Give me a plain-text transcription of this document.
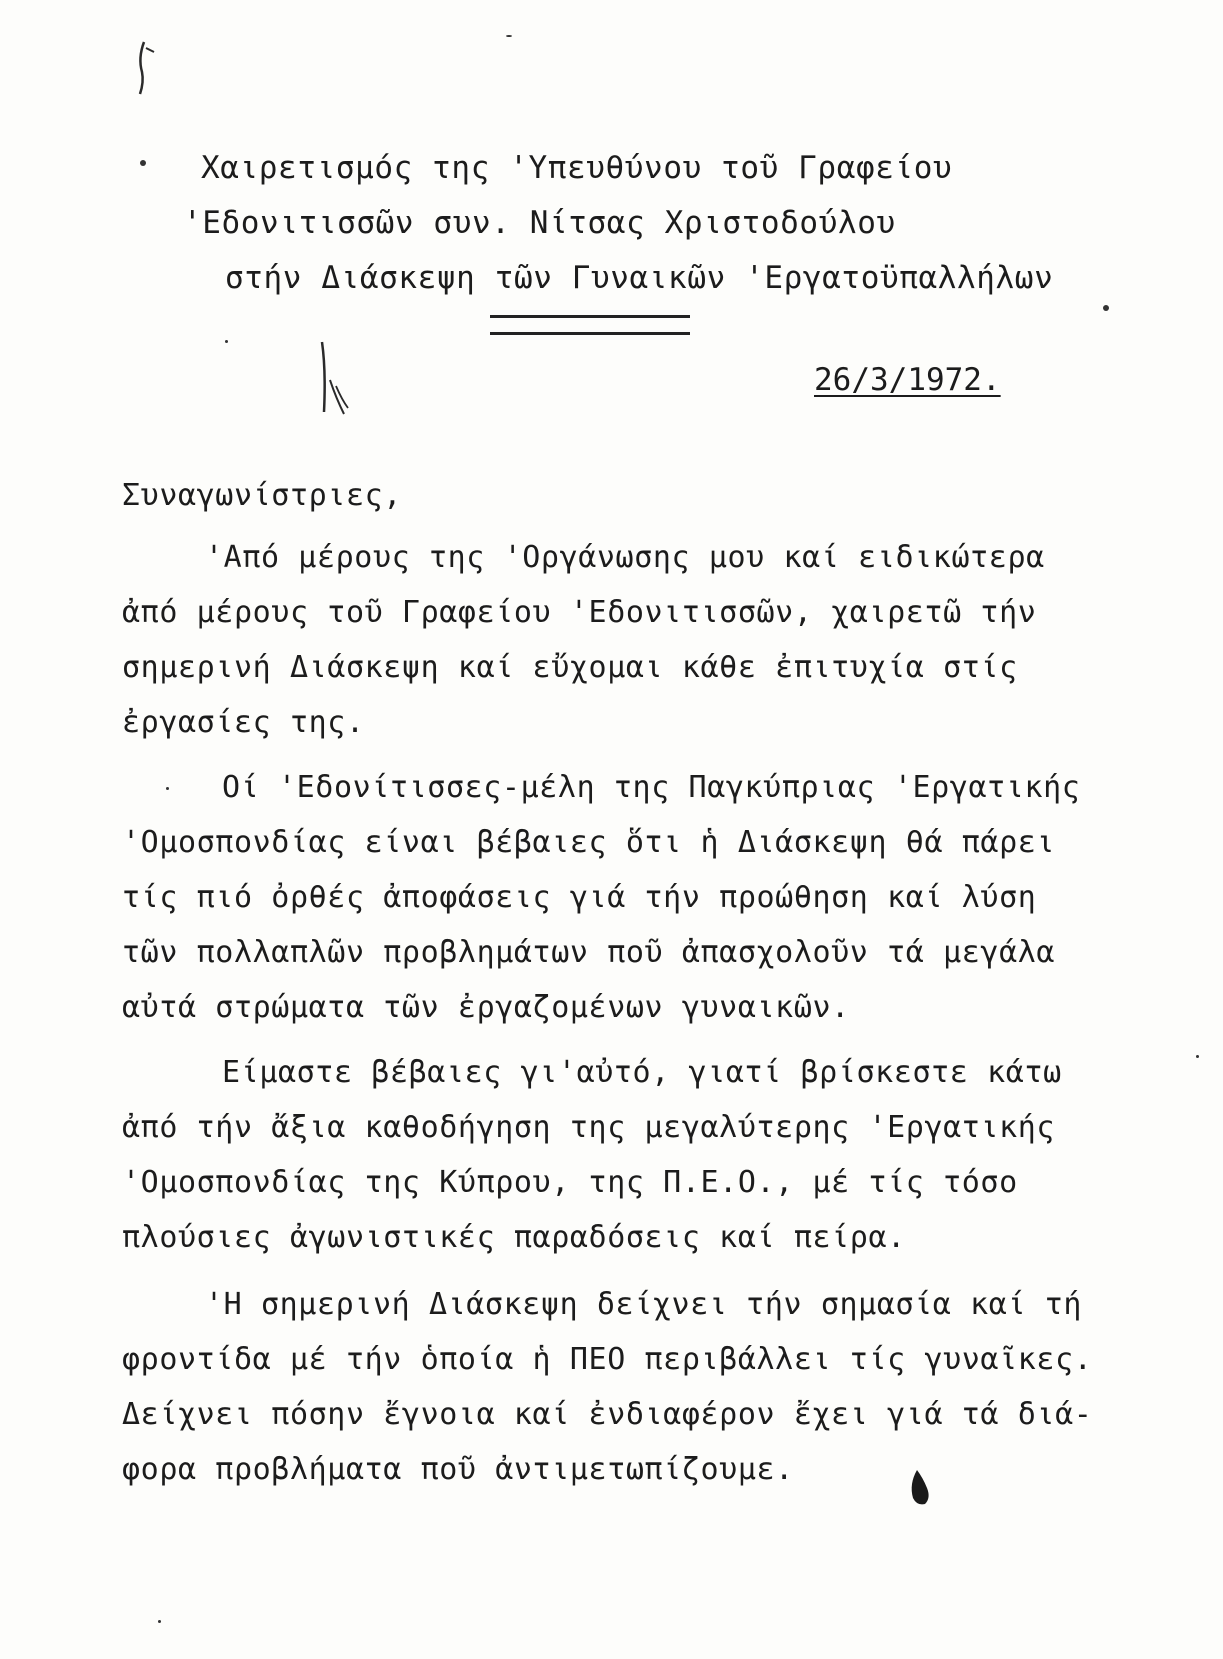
Χαιρετισμός της 'Υπευθύνου τοῦ Γραφείου
'Εδονιτισσῶν συν. Νίτσας Χριστοδούλου
στήν Διάσκεψη τῶν Γυναικῶν 'Εργατοϋπαλλήλων
26/3/1972.
Συναγωνίστριες,
'Από μέρους της 'Οργάνωσης μου καί ειδικώτερα
ἀπό μέρους τοῦ Γραφείου 'Εδονιτισσῶν, χαιρετῶ τήν
σημερινή Διάσκεψη καί εὔχομαι κάθε ἐπιτυχία στίς
ἐργασίες της.
Οί 'Εδονίτισσες-μέλη της Παγκύπριας 'Εργατικής
'Ομοσπονδίας είναι βέβαιες ὅτι ἡ Διάσκεψη θά πάρει
τίς πιό ὀρθές ἀποφάσεις γιά τήν προώθηση καί λύση
τῶν πολλαπλῶν προβλημάτων ποῦ ἀπασχολοῦν τά μεγάλα
αὐτά στρώματα τῶν ἐργαζομένων γυναικῶν.
Είμαστε βέβαιες γι'αὐτό, γιατί βρίσκεστε κάτω
ἀπό τήν ἄξια καθοδήγηση της μεγαλύτερης 'Εργατικής
'Ομοσπονδίας της Κύπρου, της Π.Ε.Ο., μέ τίς τόσο
πλούσιες ἀγωνιστικές παραδόσεις καί πείρα.
'Η σημερινή Διάσκεψη δείχνει τήν σημασία καί τή
φροντίδα μέ τήν ὁποία ἡ ΠΕΟ περιβάλλει τίς γυναῖκες.
Δείχνει πόσην ἔγνοια καί ἐνδιαφέρον ἔχει γιά τά διά-
φορα προβλήματα ποῦ ἀντιμετωπίζουμε.
